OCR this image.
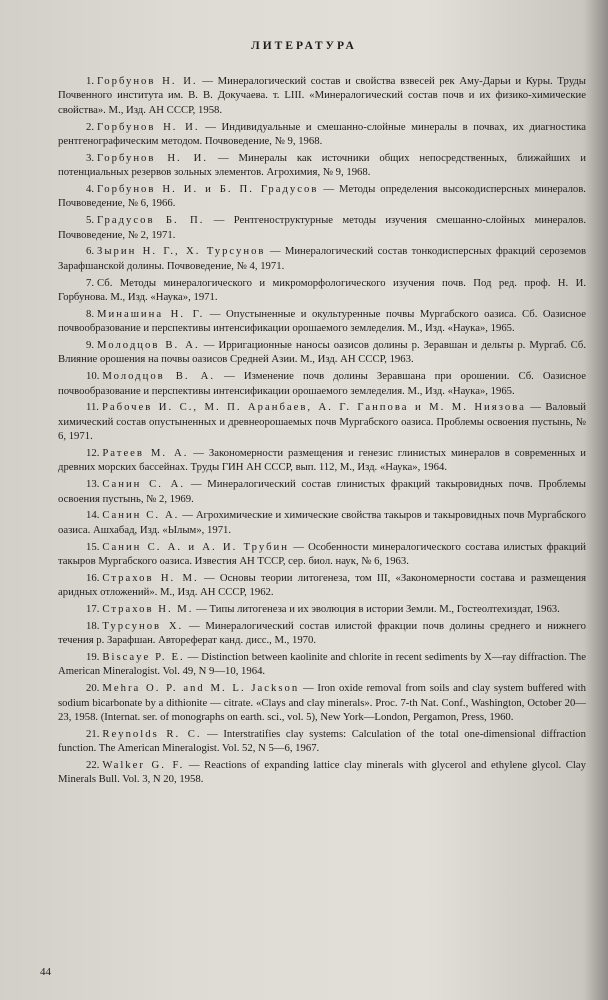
ЛИТЕРАТУРА

1. Горбунов Н. И. — Минералогический состав и свойства взвесей рек Аму-Дарьи и Куры. Труды Почвенного института им. В. В. Докучаева. т. LIII. «Минералогический состав почв и их физико-химические свойства». М., Изд. АН СССР, 1958.

2. Горбунов Н. И. — Индивидуальные и смешанно-слойные минералы в почвах, их диагностика рентгенографическим методом. Почвоведение, № 9, 1968.

3. Горбунов Н. И. — Минералы как источники общих непосредственных, ближайших и потенциальных резервов зольных элементов. Агрохимия, № 9, 1968.

4. Горбунов Н. И. и Б. П. Градусов — Методы определения высокодисперсных минералов. Почвоведение, № 6, 1966.

5. Градусов Б. П. — Рентгеноструктурные методы изучения смешанно-слойных минералов. Почвоведение, № 2, 1971.

6. Зырин Н. Г., Х. Турсунов — Минералогический состав тонкодисперсных фракций сероземов Зарафшанской долины. Почвоведение, № 4, 1971.

7. Сб. Методы минералогического и микроморфологического изучения почв. Под ред. проф. Н. И. Горбунова. М., Изд. «Наука», 1971.

8. Минашина Н. Г. — Опустыненные и окультуренные почвы Мургабского оазиса. Сб. Оазисное почвообразование и перспективы интенсификации орошаемого земледелия. М., Изд. «Наука», 1965.

9. Молодцов В. А. — Ирригационные наносы оазисов долины р. Зеравшан и дельты р. Мургаб. Сб. Влияние орошения на почвы оазисов Средней Азии. М., Изд. АН СССР, 1963.

10. Молодцов В. А. — Изменение почв долины Зеравшана при орошении. Сб. Оазисное почвообразование и перспективы интенсификации орошаемого земледелия. М., Изд. «Наука», 1965.

11. Рабочев И. С., М. П. Аранбаев, А. Г. Ганпова и М. М. Ниязова — Валовый химический состав опустыненных и древнеорошаемых почв Мургабского оазиса. Проблемы освоения пустынь, № 6, 1971.

12. Ратеев М. А. — Закономерности размещения и генезис глинистых минералов в современных и древних морских бассейнах. Труды ГИН АН СССР, вып. 112, М., Изд. «Наука», 1964.

13. Санин С. А. — Минералогический состав глинистых фракций такыровидных почв. Проблемы освоения пустынь, № 2, 1969.

14. Санин С. А. — Агрохимические и химические свойства такыров и такыровидных почв Мургабского оазиса. Ашхабад, Изд. «Ылым», 1971.

15. Санин С. А. и А. И. Трубин — Особенности минералогического состава илистых фракций такыров Мургабского оазиса. Известия АН ТССР, сер. биол. наук, № 6, 1963.

16. Страхов Н. М. — Основы теории литогенеза, том III, «Закономерности состава и размещения аридных отложений». М., Изд. АН СССР, 1962.

17. Страхов Н. М. — Типы литогенеза и их эволюция в истории Земли. М., Гостеолтехиздат, 1963.

18. Турсунов Х. — Минералогический состав илистой фракции почв долины среднего и нижнего течения р. Зарафшан. Автореферат канд. дисс., М., 1970.

19. Biscaye P. E. — Distinction between kaolinite and chlorite in recent sediments by X—ray diffraction. The American Mineralogist. Vol. 49, N 9—10, 1964.

20. Mehra O. P. and M. L. Jackson — Iron oxide removal from soils and clay system buffered with sodium bicarbonate by a dithionite — citrate. «Clays and clay minerals». Proc. 7-th Nat. Conf., Washington, October 20—23, 1958. (Internat. ser. of monographs on earth. sci., vol. 5), New York—London, Pergamon, Press, 1960.

21. Reynolds R. C. — Interstratifies clay systems: Calculation of the total one-dimensional diffraction function. The American Mineralogist. Vol. 52, N 5—6, 1967.

22. Walker G. F. — Reactions of expanding lattice clay minerals with glycerol and ethylene glycol. Clay Minerals Bull. Vol. 3, N 20, 1958.

44
